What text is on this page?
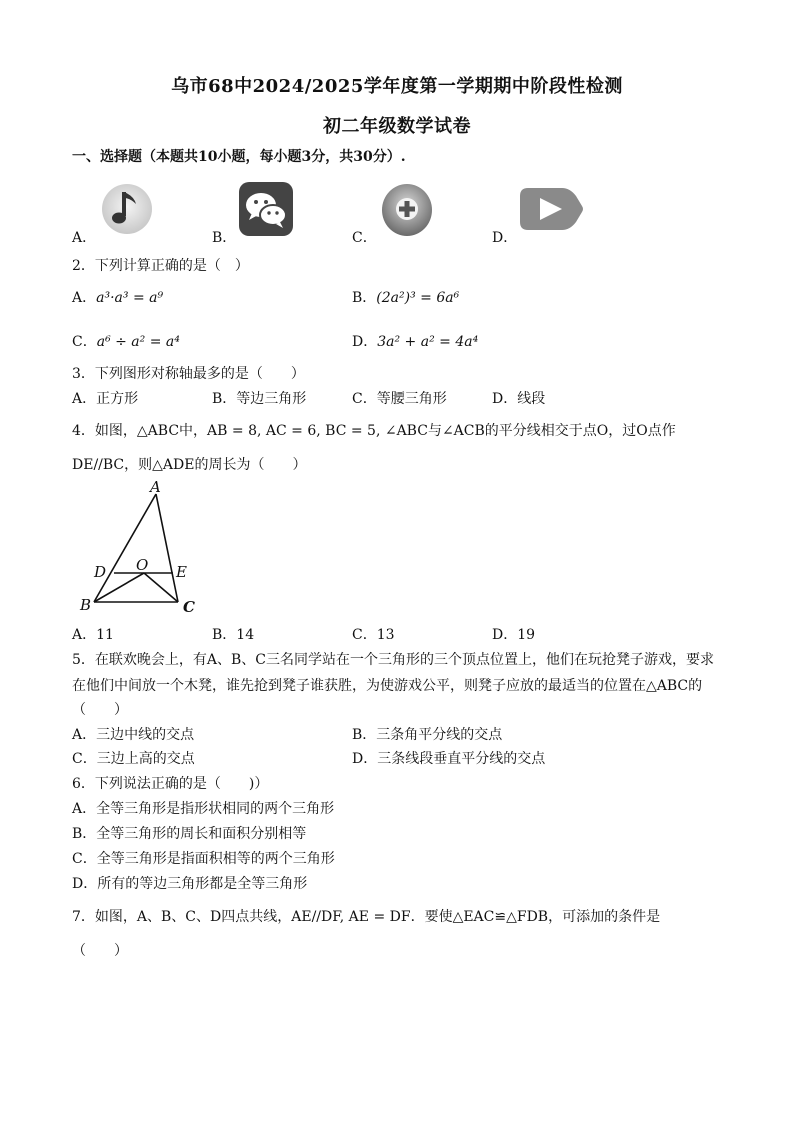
乌市68中2024/2025学年度第一学期期中阶段性检测
初二年级数学试卷
一、选择题（本题共10小题，每小题3分，共30分）.
A．	B．	C．	D．
2．下列计算正确的是（　）
A．a³·a³ = a⁹	B．(2a²)³ = 6a⁶
C．a⁶ ÷ a² = a⁴	D．3a² + a² = 4a⁴
3．下列图形对称轴最多的是（　　）
A．正方形	B．等边三角形	C．等腰三角形	D．线段
4．如图，△ABC中，AB = 8, AC = 6, BC = 5, ∠ABC与∠ACB的平分线相交于点O，过O点作
DE//BC，则△ADE的周长为（　　）
A
D O E
B	C
A．11	B．14	C．13	D．19
5．在联欢晚会上，有A、B、C三名同学站在一个三角形的三个顶点位置上，他们在玩抢凳子游戏，要求
在他们中间放一个木凳，谁先抢到凳子谁获胜，为使游戏公平，则凳子应放的最适当的位置在△ABC的
（　　）
A．三边中线的交点	B．三条角平分线的交点
C．三边上高的交点	D．三条线段垂直平分线的交点
6．下列说法正确的是（　　)）
A．全等三角形是指形状相同的两个三角形
B．全等三角形的周长和面积分别相等
C．全等三角形是指面积相等的两个三角形
D．所有的等边三角形都是全等三角形
7．如图，A、B、C、D四点共线，AE//DF, AE = DF．要使△EAC≌△FDB，可添加的条件是
（　　）
